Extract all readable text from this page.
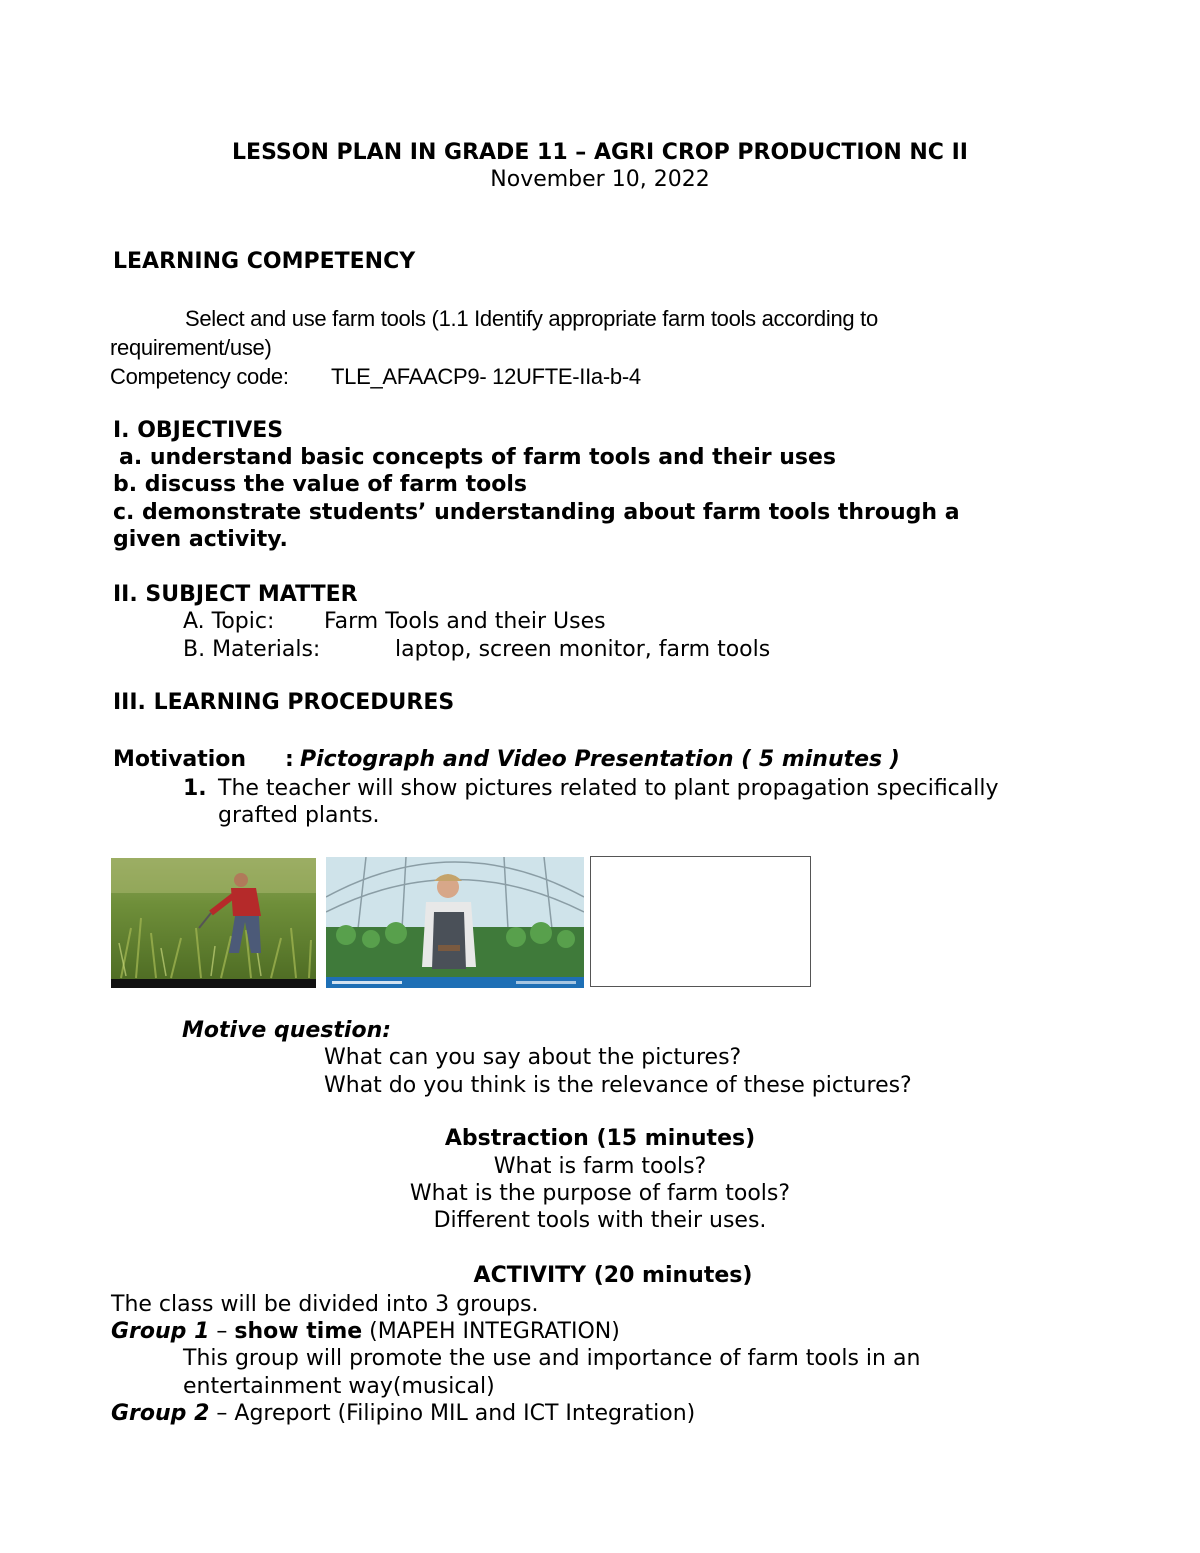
LESSON PLAN IN GRADE 11 – AGRI CROP PRODUCTION NC II
November 10, 2022
LEARNING COMPETENCY
Select and use farm tools (1.1 Identify appropriate farm tools according to
requirement/use)
Competency code: TLE_AFAACP9- 12UFTE-IIa-b-4
I. OBJECTIVES
a. understand basic concepts of farm tools and their uses
b. discuss the value of farm tools
c. demonstrate students’ understanding about farm tools through a
given activity.
II. SUBJECT MATTER
A. Topic: Farm Tools and their Uses
B. Materials:	laptop, screen monitor, farm tools
III. LEARNING PROCEDURES
Motivation : Pictograph and Video Presentation ( 5 minutes )
1. The teacher will show pictures related to plant propagation specifically
grafted plants.
Motive question:
What can you say about the pictures?
What do you think is the relevance of these pictures?
Abstraction (15 minutes)
What is farm tools?
What is the purpose of farm tools?
Different tools with their uses.
ACTIVITY (20 minutes)
The class will be divided into 3 groups.
Group 1 – show time (MAPEH INTEGRATION)
This group will promote the use and importance of farm tools in an
entertainment way(musical)
Group 2 – Agreport (Filipino MIL and ICT Integration)
